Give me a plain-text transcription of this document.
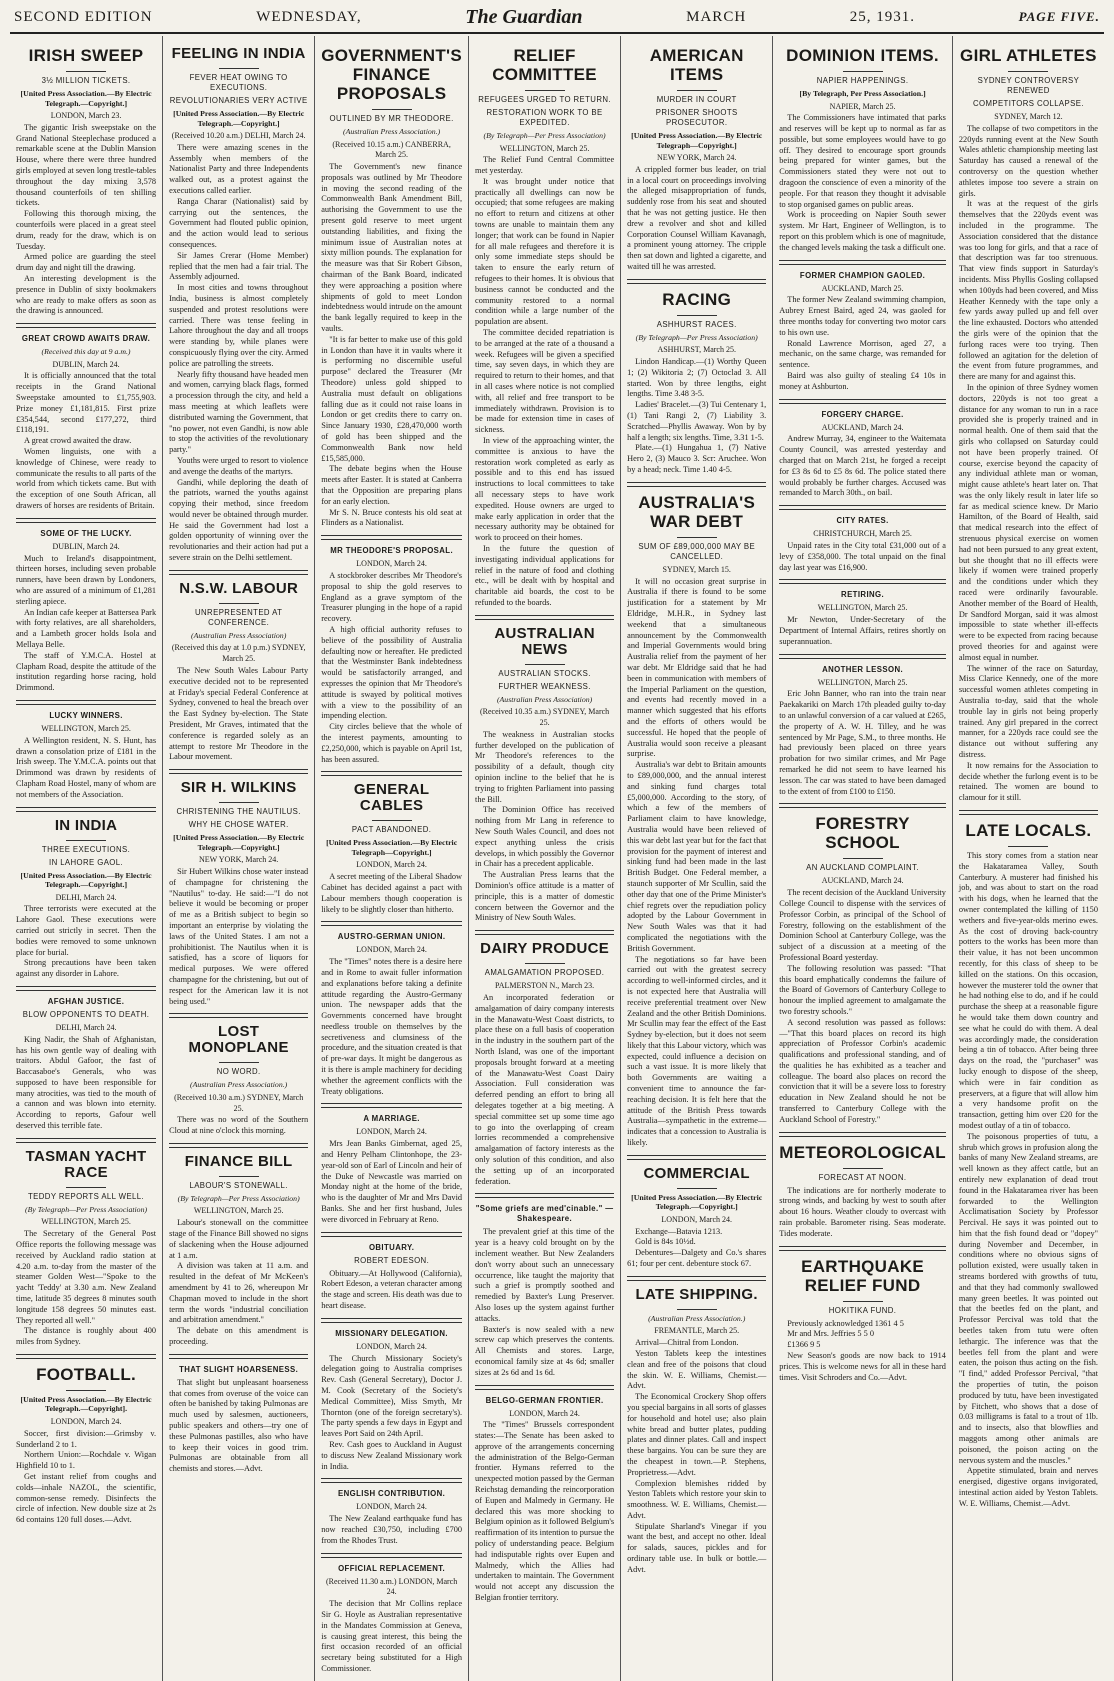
SECOND EDITION	WEDNESDAY,	The Guardian	MARCH	25, 1931.	PAGE FIVE.
IRISH SWEEP
3½ MILLION TICKETS.
[United Press Association.—By Electric Telegraph.—Copyright.]
LONDON, March 23.

The gigantic Irish sweepstake on the Grand National Steeplechase produced a remarkable scene at the Dublin Mansion House, where there were three hundred girls employed at seven long trestle-tables throughout the day mixing 3,578 thousand counterfoils of ten shilling tickets.

Following this thorough mixing, the counterfoils were placed in a great steel drum, ready for the draw, which is on Tuesday.

Armed police are guarding the steel drum day and night till the drawing.

An interesting development is the presence in Dublin of sixty bookmakers who are ready to make offers as soon as the drawing is announced.

GREAT CROWD AWAITS DRAW.
(Received this day at 9 a.m.)
DUBLIN, March 24.

It is officially announced that the total receipts in the Grand National Sweepstake amounted to £1,755,903. Prize money £1,181,815. First prize £354,544, second £177,272, third £118,191.

A great crowd awaited the draw.

Women linguists, one with a knowledge of Chinese, were ready to communicate the results to all parts of the world from which tickets came. But with the exception of one South African, all drawers of horses are residents of Britain.

SOME OF THE LUCKY.
DUBLIN, March 24.

Much to Ireland's disappointment, thirteen horses, including seven probable runners, have been drawn by Londoners, who are assured of a minimum of £1,281 sterling apiece.

An Indian cafe keeper at Battersea Park with forty relatives, are all shareholders, and a Lambeth grocer holds Isola and Mellaya Belle.

The staff of Y.M.C.A. Hostel at Clapham Road, despite the attitude of the institution regarding horse racing, hold Drimmond.

LUCKY WINNERS.
WELLINGTON, March 25.

A Wellington resident, N. S. Hunt, has drawn a consolation prize of £181 in the Irish sweep. The Y.M.C.A. points out that Drimmond was drawn by residents of Clapham Road Hostel, many of whom are not members of the Association.

IN INDIA
THREE EXECUTIONS.
IN LAHORE GAOL.
[United Press Association.—By Electric Telegraph.—Copyright.]
DELHI, March 24.

Three terrorists were executed at the Lahore Gaol. These executions were carried out strictly in secret. Then the bodies were removed to some unknown place for burial.

Strong precautions have been taken against any disorder in Lahore.

AFGHAN JUSTICE.
BLOW OPPONENTS TO DEATH.
DELHI, March 24.

King Nadir, the Shah of Afghanistan, has his own gentle way of dealing with traitors. Abdul Gafoor, the fast of Baccasaboe's Generals, who was supposed to have been responsible for many atrocities, was tied to the mouth of a cannon and was blown into eternity. According to reports, Gafour well deserved this terrible fate.

TASMAN YACHT RACE
TEDDY REPORTS ALL WELL.
(By Telegraph—Per Press Association)
WELLINGTON, March 25.

The Secretary of the General Post Office reports the following message was received by Auckland radio station at 4.20 a.m. to-day from the master of the steamer Golden West—"Spoke to the yacht 'Teddy' at 3.30 a.m. New Zealand time, latitude 35 degrees 8 minutes south longitude 158 degrees 50 minutes east. They reported all well."

The distance is roughly about 400 miles from Sydney.

FOOTBALL.
[United Press Association.—By Electric Telegraph.—Copyright].
LONDON, March 24.

Soccer, first division:—Grimsby v. Sunderland 2 to 1.

Northern Union:—Rochdale v. Wigan Highfield 10 to 1.

Get instant relief from coughs and colds—inhale NAZOL, the scientific, common-sense remedy. Disinfects the circle of infection. New double size at 2s 6d contains 120 full doses.—Advt.

FEELING IN INDIA
FEVER HEAT OWING TO EXECUTIONS.
REVOLUTIONARIES VERY ACTIVE
[United Press Association.—By Electric Telegraph.—Copyright.]
(Received 10.20 a.m.) DELHI, March 24.

There were amazing scenes in the Assembly when members of the Nationalist Party and three Independents walked out, as a protest against the executions called earlier.

Ranga Charar (Nationalist) said by carrying out the sentences, the Government had flouted public opinion, and the action would lead to serious consequences.

Sir James Crerar (Home Member) replied that the men had a fair trial. The Assembly adjourned.

In most cities and towns throughout India, business is almost completely suspended and protest resolutions were carried. There was tense feeling in Lahore throughout the day and all troops were standing by, while planes were conspicuously flying over the city. Armed police are patrolling the streets.

Nearly fifty thousand have headed men and women, carrying black flags, formed a procession through the city, and held a mass meeting at which leaflets were distributed warning the Government, that "no power, not even Gandhi, is now able to stop the activities of the revolutionary party."

Youths were urged to resort to violence and avenge the deaths of the martyrs.

Gandhi, while deploring the death of the patriots, warned the youths against copying their method, since freedom would never be obtained through murder. He said the Government had lost a golden opportunity of winning over the revolutionaries and their action had put a severe strain on the Delhi settlement.

N.S.W. LABOUR
UNREPRESENTED AT CONFERENCE.
(Australian Press Association)
(Received this day at 1.0 p.m.) SYDNEY, March 25.

The New South Wales Labour Party executive decided not to be represented at Friday's special Federal Conference at Sydney, convened to heal the breach over the East Sydney by-election. The State President, Mr Graves, intimated that the conference is regarded solely as an attempt to restore Mr Theodore in the Labour movement.

SIR H. WILKINS
CHRISTENING THE NAUTILUS.
WHY HE CHOSE WATER.
[United Press Association.—By Electric Telegraph.—Copyright.]
NEW YORK, March 24.

Sir Hubert Wilkins chose water instead of champagne for christening the "Nautilus" to-day. He said:—"I do not believe it would be becoming or proper of me as a British subject to begin so important an enterprise by violating the laws of the United States. I am not a prohibitionist. The Nautilus when it is satisfied, has a score of liquors for medical purposes. We were offered champagne for the christening, but out of respect for the American law it is not being used."

LOST MONOPLANE
NO WORD.
(Australian Press Association.)
(Received 10.30 a.m.) SYDNEY, March 25.

There was no word of the Southern Cloud at nine o'clock this morning.

FINANCE BILL
LABOUR'S STONEWALL.
(By Telegraph—Per Press Association)
WELLINGTON, March 25.

Labour's stonewall on the committee stage of the Finance Bill showed no signs of slackening when the House adjourned at 1 a.m.

A division was taken at 11 a.m. and resulted in the defeat of Mr McKeen's amendment by 41 to 26, whereupon Mr Chapman moved to include in the short term the words "industrial conciliation and arbitration amendment."

The debate on this amendment is proceeding.

THAT SLIGHT HOARSENESS.

That slight but unpleasant hoarseness that comes from overuse of the voice can often be banished by taking Pulmonas are much used by salesmen, auctioneers, public speakers and others—try one of these Pulmonas pastilles, also who have to keep their voices in good trim. Pulmonas are obtainable from all chemists and stores.—Advt.

GOVERNMENT'S FINANCE PROPOSALS
OUTLINED BY MR THEODORE.
(Australian Press Association.)
(Received 10.15 a.m.) CANBERRA, March 25.

The Government's new finance proposals was outlined by Mr Theodore in moving the second reading of the Commonwealth Bank Amendment Bill, authorising the Government to use the present gold reserve to meet urgent outstanding liabilities, and fixing the minimum issue of Australian notes at sixty million pounds. The explanation for the measure was that Sir Robert Gibson, chairman of the Bank Board, indicated they were approaching a position where shipments of gold to meet London indebtedness would intrude on the amount the bank legally required to keep in the vaults.

"It is far better to make use of this gold in London than have it in vaults where it is performing no discernible useful purpose" declared the Treasurer (Mr Theodore) unless gold shipped to Australia must default on obligations falling due as it could not raise loans in London or get credits there to carry on. Since January 1930, £28,470,000 worth of gold has been shipped and the Commonwealth Bank now held £15,585,000.

The debate begins when the House meets after Easter. It is stated at Canberra that the Opposition are preparing plans for an early election.

Mr S. N. Bruce contests his old seat at Flinders as a Nationalist.

MR THEODORE'S PROPOSAL.
LONDON, March 24.

A stockbroker describes Mr Theodore's proposal to ship the gold reserves to England as a grave symptom of the Treasurer plunging in the hope of a rapid recovery.

A high official authority refuses to believe of the possibility of Australia defaulting now or hereafter. He predicted that the Westminster Bank indebtedness would be satisfactorily arranged, and expresses the opinion that Mr Theodore's attitude is swayed by political motives with a view to the possibility of an impending election.

City circles believe that the whole of the interest payments, amounting to £2,250,000, which is payable on April 1st, has been assured.

GENERAL CABLES
PACT ABANDONED.
[United Press Association.—By Electric Telegraph—Copyright.]
LONDON, March 24.

A secret meeting of the Liberal Shadow Cabinet has decided against a pact with Labour members though cooperation is likely to be slightly closer than hitherto.

AUSTRO-GERMAN UNION.
LONDON, March 24.

The "Times" notes there is a desire here and in Rome to await fuller information and explanations before taking a definite attitude regarding the Austro-Germany union. The newspaper adds that the Governments concerned have brought needless trouble on themselves by the secretiveness and clumsiness of the procedure, and the situation created is that of pre-war days. It might be dangerous as it is there is ample machinery for deciding whether the agreement conflicts with the Treaty obligations.

A MARRIAGE.
LONDON, March 24.

Mrs Jean Banks Gimbernat, aged 25, and Henry Pelham Clintonhope, the 23-year-old son of Earl of Lincoln and heir of the Duke of Newcastle was married on Monday night at the home of the bride, who is the daughter of Mr and Mrs David Banks. She and her first husband, Jules were divorced in February at Reno.

OBITUARY.
ROBERT EDESON.

Obituary.—At Hollywood (California), Robert Edeson, a veteran character among the stage and screen. His death was due to heart disease.

MISSIONARY DELEGATION.
LONDON, March 24.

The Church Missionary Society's delegation going to Australia comprises Rev. Cash (General Secretary), Doctor J. M. Cook (Secretary of the Society's Medical Committee), Miss Smyth, Mr Thornton (one of the foreign secretary's). The party spends a few days in Egypt and leaves Port Said on 24th April.

Rev. Cash goes to Auckland in August to discuss New Zealand Missionary work in India.

ENGLISH CONTRIBUTION.
LONDON, March 24.

The New Zealand earthquake fund has now reached £30,750, including £700 from the Rhodes Trust.

OFFICIAL REPLACEMENT.
(Received 11.30 a.m.) LONDON, March 24.

The decision that Mr Collins replace Sir G. Hoyle as Australian representative in the Mandates Commission at Geneva, is causing great interest, this being the first occasion recorded of an official secretary being substituted for a High Commissioner.

RELIEF COMMITTEE
REFUGEES URGED TO RETURN.
RESTORATION WORK TO BE EXPEDITED.
(By Telegraph—Per Press Association)
WELLINGTON, March 25.

The Relief Fund Central Committee met yesterday.

It was brought under notice that practically all dwellings can now be occupied; that some refugees are making no effort to return and citizens at other towns are unable to maintain them any longer; that work can be found in Napier for all male refugees and therefore it is only some immediate steps should be taken to ensure the early return of refugees to their homes. It is obvious that business cannot be conducted and the community restored to a normal condition while a large number of the population are absent.

The committee decided repatriation is to be arranged at the rate of a thousand a week. Refugees will be given a specified time, say seven days, in which they are required to return to their homes, and that in all cases where notice is not complied with, all relief and free transport to be immediately withdrawn. Provision is to be made for extension time in cases of sickness.

In view of the approaching winter, the committee is anxious to have the restoration work completed as early as possible and to this end has issued instructions to local committees to take all necessary steps to have work expedited. House owners are urged to make early application in order that the necessary authority may be obtained for work to proceed on their homes.

In the future the question of investigating individual applications for relief in the nature of food and clothing etc., will be dealt with by hospital and charitable aid boards, the cost to be refunded to the boards.

AUSTRALIAN NEWS
AUSTRALIAN STOCKS.
FURTHER WEAKNESS.
(Australian Press Association)
(Received 10.35 a.m.) SYDNEY, March 25.

The weakness in Australian stocks further developed on the publication of Mr Theodore's references to the possibility of a default, though city opinion incline to the belief that he is trying to frighten Parliament into passing the Bill.

The Dominion Office has received nothing from Mr Lang in reference to New South Wales Council, and does not expect anything unless the crisis develops, in which possibly the Governor in Chair has a precedent applicable.

The Australian Press learns that the Dominion's office attitude is a matter of principle, this is a matter of domestic concern between the Governor and the Ministry of New South Wales.

DAIRY PRODUCE
AMALGAMATION PROPOSED.
PALMERSTON N., March 23.

An incorporated federation or amalgamation of dairy company interests in the Manawatu-West Coast districts, to place these on a full basis of cooperation in the industry in the southern part of the North Island, was one of the important proposals brought forward at a meeting of the Manawatu-West Coast Dairy Association. Full consideration was deferred pending an effort to bring all delegates together at a big meeting. A special committee set up some time ago to go into the overlapping of cream lorries recommended a comprehensive amalgamation of factory interests as the only solution of this condition, and also the setting up of an incorporated federation.

"Some griefs are med'cinable." —Shakespeare.

The prevalent grief at this time of the year is a heavy cold brought on by the inclement weather. But New Zealanders don't worry about such an unnecessary occurrence, like taught the majority that such a grief is promptly soothed and remedied by Baxter's Lung Preserver. Also loses up the system against further attacks.

Baxter's is now sealed with a new screw cap which preserves the contents. All Chemists and stores. Large, economical family size at 4s 6d; smaller sizes at 2s 6d and 1s 6d.

BELGO-GERMAN FRONTIER.
LONDON, March 24.

The "Times" Brussels correspondent states:—The Senate has been asked to approve of the arrangements concerning the administration of the Belgo-German frontier. Hymans referred to the unexpected motion passed by the German Reichstag demanding the reincorporation of Eupen and Malmedy in Germany. He declared this was more shocking to Belgium opinion as it followed Belgium's reaffirmation of its intention to pursue the policy of understanding peace. Belgium had indisputable rights over Eupen and Malmedy, which the Allies had undertaken to maintain. The Government would not accept any discussion the Belgian frontier territory.

AMERICAN ITEMS
MURDER IN COURT
PRISONER SHOOTS PROSECUTOR.
[United Press Association.—By Electric Telegraph—Copyright.]
NEW YORK, March 24.

A crippled former bus leader, on trial in a local court on proceedings involving the alleged misappropriation of funds, suddenly rose from his seat and shouted that he was not getting justice. He then drew a revolver and shot and killed Corporation Counsel William Kavanagh, a prominent young attorney. The cripple then sat down and lighted a cigarette, and waited till he was arrested.

RACING
ASHHURST RACES.
(By Telegraph—Per Press Association)
ASHHURST, March 25.

Lindon Handicap.—(1) Worthy Queen 1; (2) Wikitoria 2; (7) Octoclad 3. All started. Won by three lengths, eight lengths. Time 3.48 3-5.

Ladies' Bracelet.—(3) Tui Centenary 1, (1) Tani Rangi 2, (7) Liability 3. Scratched—Phyllis Awaway. Won by by half a length; six lengths. Time, 3.31 1-5.

Plate.—(1) Hungahua 1, (7) Native Hero 2, (3) Mauco 3. Scr: Aruchee. Won by a head; neck. Time 1.40 4-5.

AUSTRALIA'S WAR DEBT
SUM OF £89,000,000 MAY BE CANCELLED.
SYDNEY, March 15.

It will no occasion great surprise in Australia if there is found to be some justification for a statement by Mr Eldridge, M.H.R., in Sydney last weekend that a simultaneous announcement by the Commonwealth and Imperial Governments would bring Australia relief from the payment of her war debt. Mr Eldridge said that he had been in communication with members of the Imperial Parliament on the question, and events had recently moved in a manner which suggested that his efforts and the efforts of others would be successful. He hoped that the people of Australia would soon receive a pleasant surprise.

Australia's war debt to Britain amounts to £89,000,000, and the annual interest and sinking fund charges total £5,000,000. According to the story, of which a few of the members of Parliament claim to have knowledge, Australia would have been relieved of this war debt last year but for the fact that provision for the payment of interest and sinking fund had been made in the last British Budget. One Federal member, a staunch supporter of Mr Scullin, said the other day that one of the Prime Minister's chief regrets over the repudiation policy adopted by the Labour Government in New South Wales was that it had complicated the negotiations with the British Government.

The negotiations so far have been carried out with the greatest secrecy according to well-informed circles, and it is not expected here that Australia will receive preferential treatment over New Zealand and the other British Dominions. Mr Scullin may fear the effect of the East Sydney by-election, but it does not seem likely that this Labour victory, which was expected, could influence a decision on such a vast issue. It is more likely that both Governments are waiting a convenient time to announce the far-reaching decision. It is felt here that the attitude of the British Press towards Australia—sympathetic in the extreme—indicates that a concession to Australia is likely.

COMMERCIAL
[United Press Association.—By Electric Telegraph.—Copyright.]
LONDON, March 24.

Exchange—Batavia 1213.

Gold is 84s 10½d.

Debentures—Dalgety and Co.'s shares 61; four per cent. debenture stock 67.

LATE SHIPPING.
(Australian Press Association.)
FREMANTLE, March 25.

Arrival—Chitral from London.

Yeston Tablets keep the intestines clean and free of the poisons that cloud the skin. W. E. Williams, Chemist.—Advt.

The Economical Crockery Shop offers you special bargains in all sorts of glasses for household and hotel use; also plain white bread and butter plates, pudding plates and dinner plates. Call and inspect these bargains. You can be sure they are the cheapest in town.—P. Stephens, Proprietress.—Advt.

Complexion blemishes ridded by Yeston Tablets which restore your skin to smoothness. W. E. Williams, Chemist.—Advt.

Stipulate Sharland's Vinegar if you want the best, and accept no other. Ideal for salads, sauces, pickles and for ordinary table use. In bulk or bottle.—Advt.

DOMINION ITEMS.
NAPIER HAPPENINGS.
[By Telegraph, Per Press Association.]
NAPIER, March 25.

The Commissioners have intimated that parks and reserves will be kept up to normal as far as possible, but some employees would have to go off. They desired to encourage sport grounds being prepared for winter games, but the Commissioners stated they were not out to dragoon the conscience of even a minority of the people. For that reason they thought it advisable to stop organised games on public areas.

Work is proceeding on Napier South sewer system. Mr Hart, Engineer of Wellington, is to report on this problem which is one of magnitude, the changed levels making the task a difficult one.

FORMER CHAMPION GAOLED.
AUCKLAND, March 25.

The former New Zealand swimming champion, Aubrey Ernest Baird, aged 24, was gaoled for three months today for converting two motor cars to his own use.

Ronald Lawrence Morrison, aged 27, a mechanic, on the same charge, was remanded for sentence.

Baird was also guilty of stealing £4 10s in money at Ashburton.

FORGERY CHARGE.
AUCKLAND, March 24.

Andrew Murray, 34, engineer to the Waitemata County Council, was arrested yesterday and charged that on March 21st, he forged a receipt for £3 8s 6d to £5 8s 6d. The police stated there would probably be further charges. Accused was remanded to March 30th., on bail.

CITY RATES.
CHRISTCHURCH, March 25.

Unpaid rates in the City total £31,000 out of a levy of £358,000. The total unpaid on the final day last year was £16,900.

RETIRING.
WELLINGTON, March 25.

Mr Newton, Under-Secretary of the Department of Internal Affairs, retires shortly on superannuation.

ANOTHER LESSON.
WELLINGTON, March 25.

Eric John Banner, who ran into the train near Paekakariki on March 17th pleaded guilty to-day to an unlawful conversion of a car valued at £265, the property of A. W. H. Tilley, and he was sentenced by Mr Page, S.M., to three months. He had previously been placed on three years probation for two similar crimes, and Mr Page remarked he did not seem to have learned his lesson. The car was stated to have been damaged to the extent of from £100 to £150.

FORESTRY SCHOOL
AN AUCKLAND COMPLAINT.
AUCKLAND, March 24.

The recent decision of the Auckland University College Council to dispense with the services of Professor Corbin, as principal of the School of Forestry, following on the establishment of the Dominion School at Canterbury College, was the subject of a discussion at a meeting of the Professional Board yesterday.

The following resolution was passed: "That this board emphatically condemns the failure of the Board of Governors of Canterbury College to honour the implied agreement to amalgamate the two forestry schools."

A second resolution was passed as follows:—"That this board places on record its high appreciation of Professor Corbin's academic qualifications and professional standing, and of the qualities he has exhibited as a teacher and colleague. The board also places on record the conviction that it will be a severe loss to forestry education in New Zealand should he not be transferred to Canterbury College with the Auckland School of Forestry."

METEOROLOGICAL
FORECAST AT NOON.

The indications are for northerly moderate to strong winds, and backing by west to south after about 16 hours. Weather cloudy to overcast with rain probable. Barometer rising. Seas moderate. Tides moderate.

EARTHQUAKE RELIEF FUND
HOKITIKA FUND.

Previously acknowledged 1361 4 5

Mr and Mrs. Jeffries 5 5 0

£1366 9 5

New Season's goods are now back to 1914 prices. This is welcome news for all in these hard times. Visit Schroders and Co.—Advt.

GIRL ATHLETES
SYDNEY CONTROVERSY RENEWED
COMPETITORS COLLAPSE.
SYDNEY, March 12.

The collapse of two competitors in the 220yds running event at the New South Wales athletic championship meeting last Saturday has caused a renewal of the controversy on the question whether athletes impose too severe a strain on girls.

It was at the request of the girls themselves that the 220yds event was included in the programme. The Association considered that the distance was too long for girls, and that a race of that description was far too strenuous. That view finds support in Saturday's incidents. Miss Phyllis Gosling collapsed when 100yds had been covered, and Miss Heather Kennedy with the tape only a few yards away pulled up and fell over the line exhausted. Doctors who attended the girls were of the opinion that the furlong races were too trying. Then followed an agitation for the deletion of the event from future programmes, and there are many for and against this.

In the opinion of three Sydney women doctors, 220yds is not too great a distance for any woman to run in a race provided she is properly trained and in normal health. One of them said that the girls who collapsed on Saturday could not have been properly trained. Of course, exercise beyond the capacity of any individual athlete man or woman, might cause athlete's heart later on. That was the only likely result in later life so far as medical science knew. Dr Mario Hamilton, of the Board of Health, said that medical research into the effect of strenuous physical exercise on women had not been pursued to any great extent, but she thought that no ill effects were likely if women were trained properly and the conditions under which they raced were ordinarily favourable. Another member of the Board of Health, Dr Sandford Morgan, said it was almost impossible to state whether ill-effects were to be expected from racing because proved theories for and against were almost equal in number.

The winner of the race on Saturday, Miss Clarice Kennedy, one of the more successful women athletes competing in Australia to-day, said that the whole trouble lay in girls not being properly trained. Any girl prepared in the correct manner, for a 220yds race could see the distance out without suffering any distress.

It now remains for the Association to decide whether the furlong event is to be retained. The women are bound to clamour for it still.

LATE LOCALS.

This story comes from a station near the Hakataramea Valley, South Canterbury. A musterer had finished his job, and was about to start on the road with his dogs, when he learned that the owner contemplated the killing of 1150 wethers and five-year-olds merino ewes. As the cost of droving back-country potters to the works has been more than their value, it has not been uncommon recently, for this class of sheep to be killed on the stations. On this occasion, however the musterer told the owner that he had nothing else to do, and if he could purchase the sheep at a reasonable figure he would take them down country and see what he could do with them. A deal was accordingly made, the consideration being a tin of tobacco. After being three days on the road, the "purchaser" was lucky enough to dispose of the sheep, which were in fair condition as preservers, at a figure that will allow him a very handsome profit on the transaction, getting him over £20 for the modest outlay of a tin of tobacco.

The poisonous properties of tutu, a shrub which grows in profusion along the banks of many New Zealand streams, are well known as they affect cattle, but an entirely new explanation of dead trout found in the Hakataramea river has been forwarded to the Wellington Acclimatisation Society by Professor Percival. He says it was pointed out to him that the fish found dead or "dopey" during November and December, in conditions where no obvious signs of pollution existed, were usually taken in streams bordered with growths of tutu, and that they had commonly swallowed many green beetles. It was pointed out that the beetles fed on the plant, and Professor Percival was told that the beetles taken from tutu were often lethargic. The inference was that the beetles fell from the plant and were eaten, the poison thus acting on the fish. "I find," added Professor Percival, "that the properties of tutin, the poison produced by tutu, have been investigated by Fitchett, who shows that a dose of 0.03 milligrams is fatal to a trout of 1lb. and to insects, also that blowflies and maggots among other animals are poisoned, the poison acting on the nervous system and the muscles."

Appetite stimulated, brain and nerves energised, digestive organs invigorated, intestinal action aided by Yeston Tablets. W. E. Williams, Chemist.—Advt.
